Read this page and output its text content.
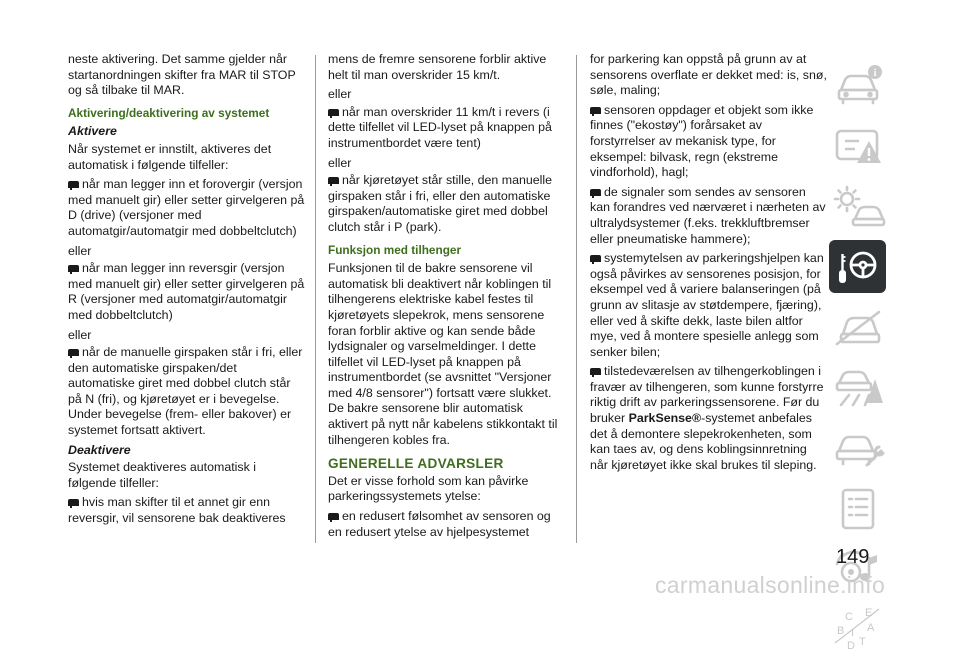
neste aktivering. Det samme gjelder når startanordningen skifter fra MAR til STOP og så tilbake til MAR.

Aktivering/deaktivering av systemet
Aktivere

Når systemet er innstilt, aktiveres det automatisk i følgende tilfeller:

når man legger inn et forovergir (versjon med manuelt gir) eller setter girvelgeren på D (drive) (versjoner med automatgir/automatgir med dobbeltclutch)

eller

når man legger inn reversgir (versjon med manuelt gir) eller setter girvelgeren på R (versjoner med automatgir/automatgir med dobbeltclutch)

eller

når de manuelle girspaken står i fri, eller den automatiske girspaken/det automatiske giret med dobbel clutch står på N (fri), og kjøretøyet er i bevegelse. Under bevegelse (frem- eller bakover) er systemet fortsatt aktivert.

Deaktivere

Systemet deaktiveres automatisk i følgende tilfeller:

hvis man skifter til et annet gir enn reversgir, vil sensorene bak deaktiveres

mens de fremre sensorene forblir aktive helt til man overskrider 15 km/t.

eller

når man overskrider 11 km/t i revers (i dette tilfellet vil LED-lyset på knappen på instrumentbordet være tent)

eller

når kjøretøyet står stille, den manuelle girspaken står i fri, eller den automatiske girspaken/automatiske giret med dobbel clutch står i P (park).

Funksjon med tilhenger

Funksjonen til de bakre sensorene vil automatisk bli deaktivert når koblingen til tilhengerens elektriske kabel festes til kjøretøyets slepekrok, mens sensorene foran forblir aktive og kan sende både lydsignaler og varselmeldinger. I dette tilfellet vil LED-lyset på knappen på instrumentbordet (se avsnittet "Versjoner med 4/8 sensorer") fortsatt være slukket. De bakre sensorene blir automatisk aktivert på nytt når kabelens stikkontakt til tilhengeren kobles fra.

GENERELLE ADVARSLER

Det er visse forhold som kan påvirke parkeringssystemets ytelse:

en redusert følsomhet av sensoren og en redusert ytelse av hjelpesystemet

for parkering kan oppstå på grunn av at sensorens overflate er dekket med: is, snø, søle, maling;

sensoren oppdager et objekt som ikke finnes ("ekostøy") forårsaket av forstyrrelser av mekanisk type, for eksempel: bilvask, regn (ekstreme vindforhold), hagl;

de signaler som sendes av sensoren kan forandres ved nærværet i nærheten av ultralydsystemer (f.eks. trekkluftbremser eller pneumatiske hammere);

systemytelsen av parkeringshjelpen kan også påvirkes av sensorenes posisjon, for eksempel ved å variere balanseringen (på grunn av slitasje av støtdempere, fjæring), eller ved å skifte dekk, laste bilen altfor mye, ved å montere spesielle anlegg som senker bilen;

tilstedeværelsen av tilhengerkoblingen i fravær av tilhengeren, som kunne forstyrre riktig drift av parkeringssensorene. Før du bruker ParkSense®-systemet anbefales det å demontere slepekrokenheten, som kan taes av, og dens koblingsinnretning når kjøretøyet ikke skal brukes til sleping.

i
C E
B A
I
T
D
149
carmanualsonline.info
